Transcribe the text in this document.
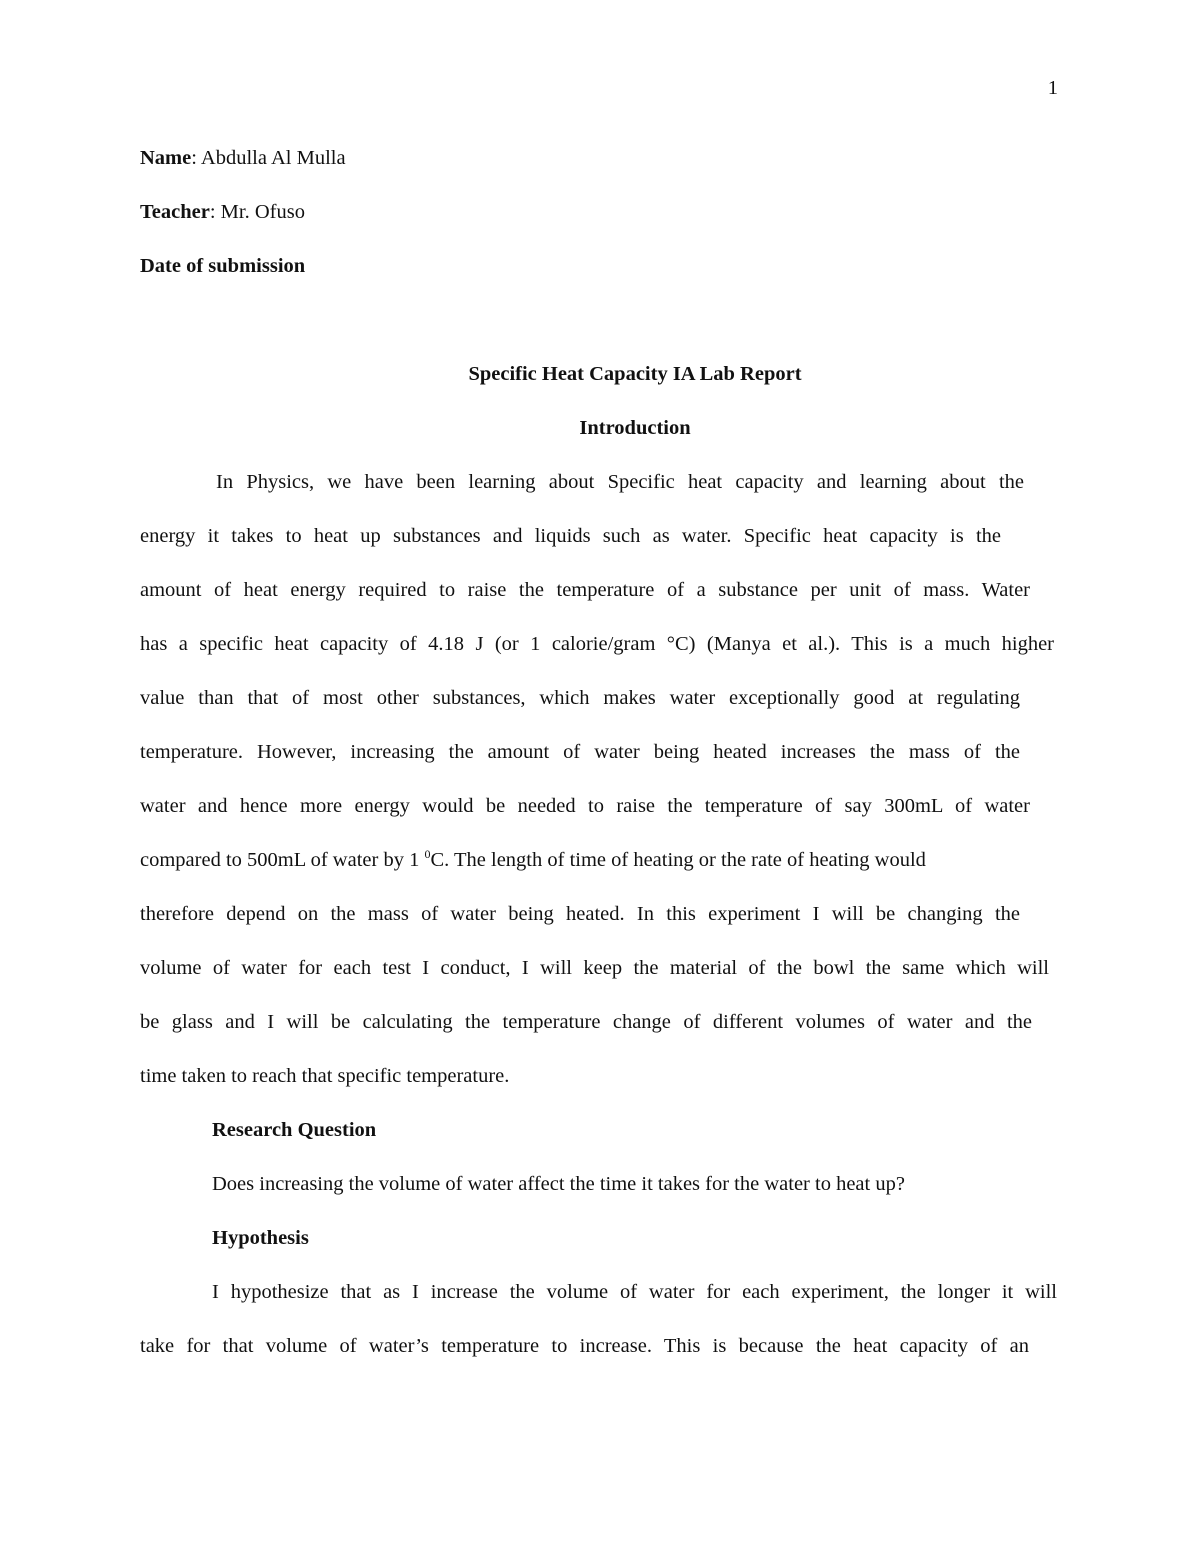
1
Name: Abdulla Al Mulla
Teacher: Mr. Ofuso
Date of submission
Specific Heat Capacity IA Lab Report
Introduction
In Physics, we have been learning about Specific heat capacity and learning about the
energy it takes to heat up substances and liquids such as water. Specific heat capacity is the
amount of heat energy required to raise the temperature of a substance per unit of mass. Water
has a specific heat capacity of 4.18 J (or 1 calorie/gram °C) (Manya et al.). This is a much higher
value than that of most other substances, which makes water exceptionally good at regulating
temperature. However, increasing the amount of water being heated increases the mass of the
water and hence more energy would be needed to raise the temperature of say 300mL of water
compared to 500mL of water by 1 $^0$C. The length of time of heating or the rate of heating would
therefore depend on the mass of water being heated. In this experiment I will be changing the
volume of water for each test I conduct, I will keep the material of the bowl the same which will
be glass and I will be calculating the temperature change of different volumes of water and the
time taken to reach that specific temperature.
Research Question
Does increasing the volume of water affect the time it takes for the water to heat up?
Hypothesis
I hypothesize that as I increase the volume of water for each experiment, the longer it will
take for that volume of water’s temperature to increase. This is because the heat capacity of an
